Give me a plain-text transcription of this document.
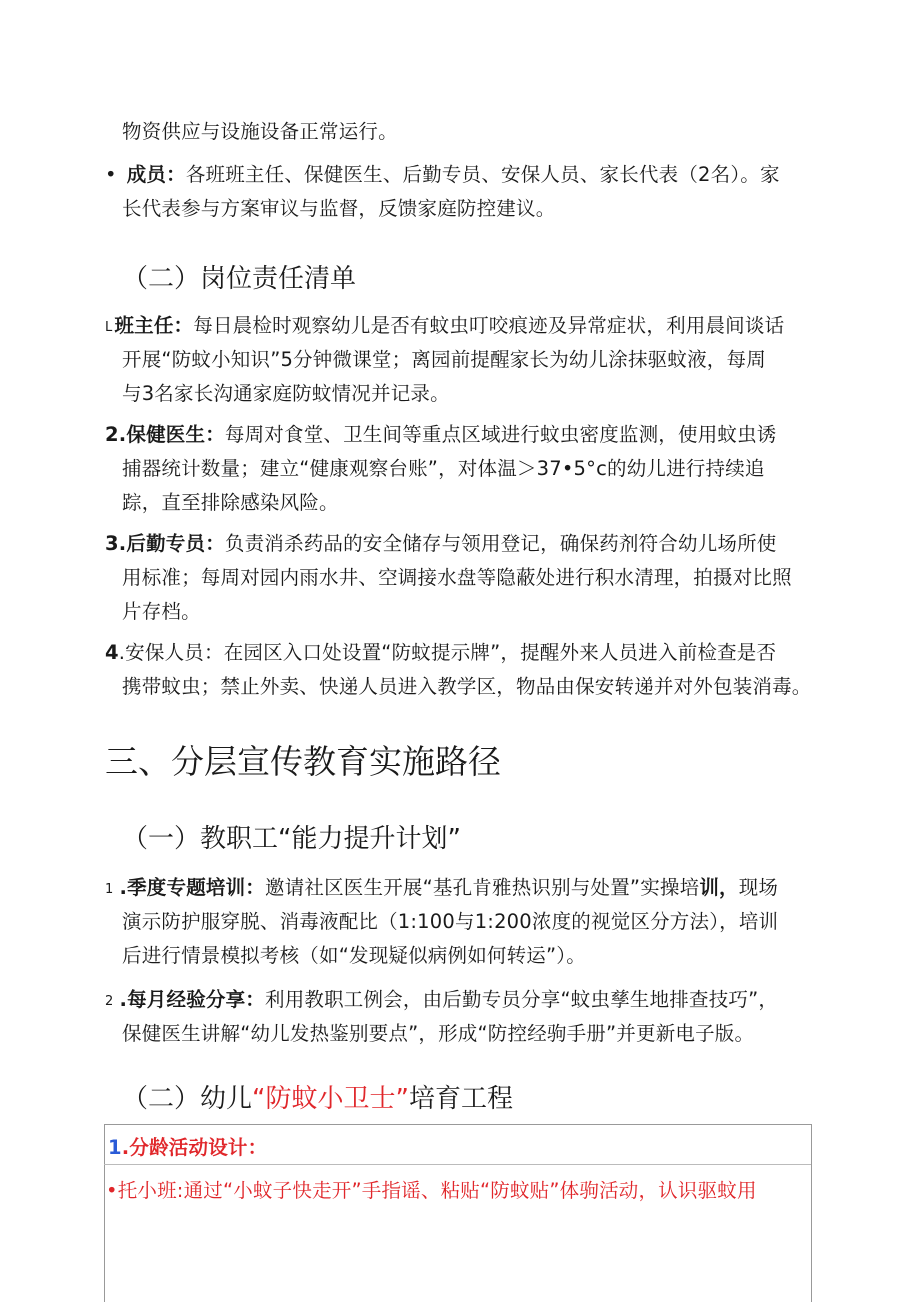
物资供应与设施设备正常运行。
• 成员：各班班主任、保健医生、后勤专员、安保人员、家长代表（2名）。家
长代表参与方案审议与监督，反馈家庭防控建议。
（二）岗位责任清单
L 班主任：每日晨检时观察幼儿是否有蚊虫叮咬痕迹及异常症状，利用晨间谈话
开展“防蚊小知识”5分钟微课堂；离园前提醒家长为幼儿涂抹驱蚊液，每周
与3名家长沟通家庭防蚊情况并记录。
2.保健医生：每周对食堂、卫生间等重点区域进行蚊虫密度监测，使用蚊虫诱
捕器统计数量；建立“健康观察台账”，对体温＞37•5°c的幼儿进行持续追
踪，直至排除感染风险。
3.后勤专员：负责消杀药品的安全储存与领用登记，确保药剂符合幼儿场所使
用标准；每周对园内雨水井、空调接水盘等隐蔽处进行积水清理，拍摄对比照
片存档。
4.安保人员：在园区入口处设置“防蚊提示牌”，提醒外来人员进入前检查是否
携带蚊虫；禁止外卖、快递人员进入教学区，物品由保安转递并对外包装消毒。
三、分层宣传教育实施路径
（一）教职工“能力提升计划”
1 .季度专题培训：邀请社区医生开展“基孔肯雅热识别与处置”实操培训，现场
演示防护服穿脱、消毒液配比（1:100与1:200浓度的视觉区分方法），培训
后进行情景模拟考核（如“发现疑似病例如何转运”）。
2 .每月经验分享：利用教职工例会，由后勤专员分享“蚊虫孳生地排查技巧”，
保健医生讲解“幼儿发热鉴别要点”，形成“防控经驹手册”并更新电子版。
（二）幼儿“防蚊小卫士”培育工程
1.分龄活动设计：
•托小班:通过“小蚊子快走开”手指谣、粘贴“防蚊贴”体驹活动，认识驱蚊用
